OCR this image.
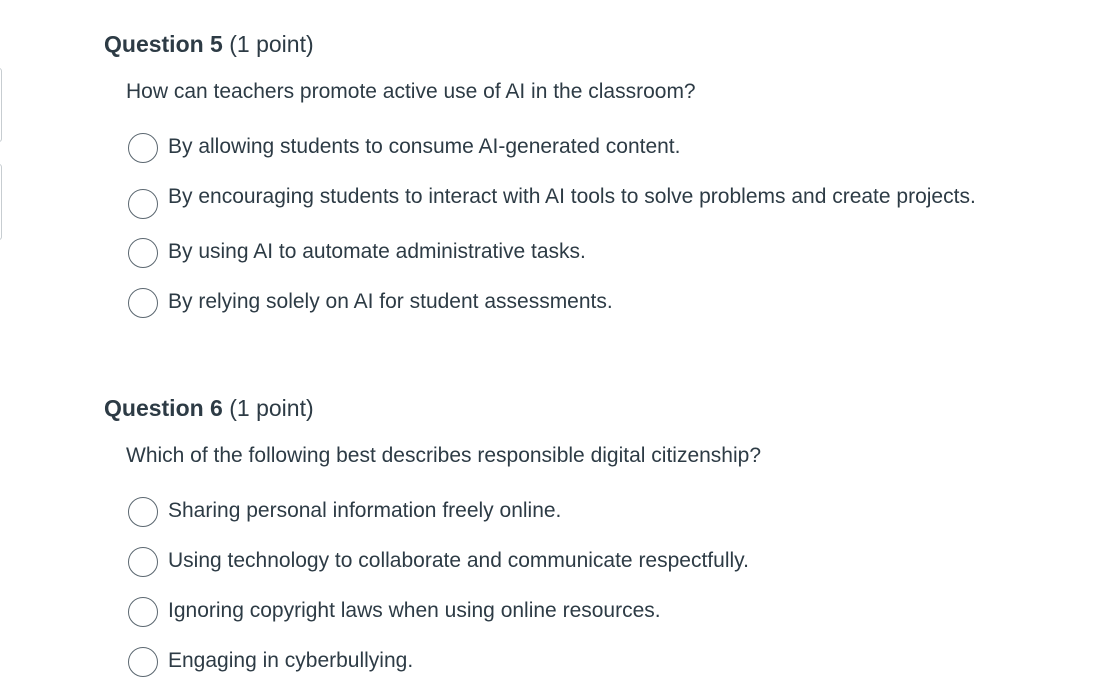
Question 5 (1 point)
How can teachers promote active use of AI in the classroom?
By allowing students to consume AI-generated content.
By encouraging students to interact with AI tools to solve problems and create projects.
By using AI to automate administrative tasks.
By relying solely on AI for student assessments.
Question 6 (1 point)
Which of the following best describes responsible digital citizenship?
Sharing personal information freely online.
Using technology to collaborate and communicate respectfully.
Ignoring copyright laws when using online resources.
Engaging in cyberbullying.
